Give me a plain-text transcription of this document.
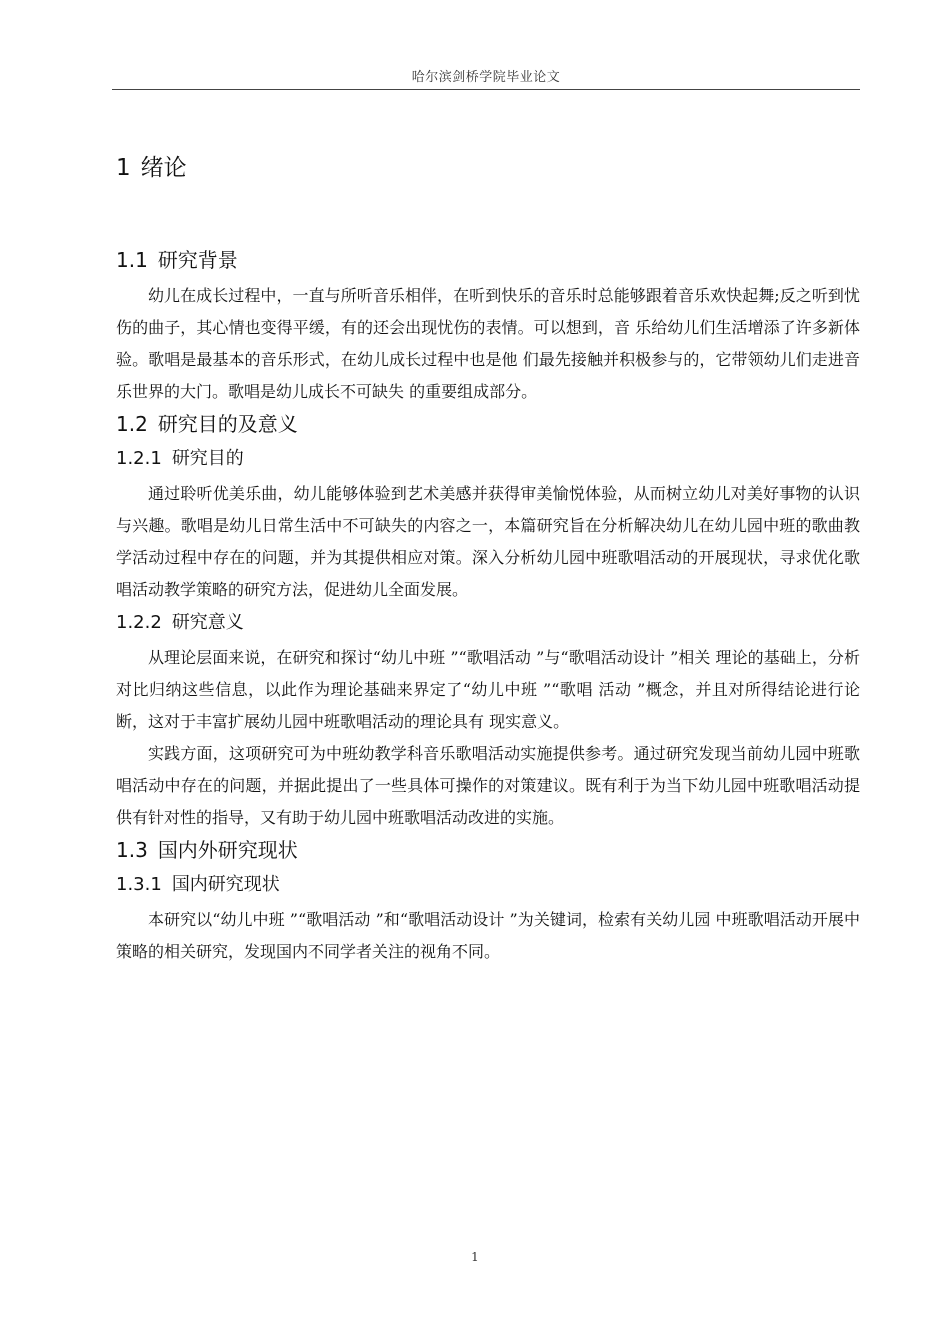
哈尔滨剑桥学院毕业论文
1 绪论
1.1 研究背景

幼儿在成长过程中，一直与所听音乐相伴，在听到快乐的音乐时总能够跟着音乐欢快起舞;反之听到忧伤的曲子，其心情也变得平缓，有的还会出现忧伤的表情。可以想到，音 乐给幼儿们生活增添了许多新体验。歌唱是最基本的音乐形式，在幼儿成长过程中也是他 们最先接触并积极参与的，它带领幼儿们走进音乐世界的大门。歌唱是幼儿成长不可缺失 的重要组成部分。

1.2 研究目的及意义
1.2.1 研究目的

通过聆听优美乐曲，幼儿能够体验到艺术美感并获得审美愉悦体验，从而树立幼儿对美好事物的认识与兴趣。歌唱是幼儿日常生活中不可缺失的内容之一，本篇研究旨在分析解决幼儿在幼儿园中班的歌曲教学活动过程中存在的问题，并为其提供相应对策。深入分析幼儿园中班歌唱活动的开展现状，寻求优化歌唱活动教学策略的研究方法，促进幼儿全面发展。

1.2.2 研究意义

从理论层面来说，在研究和探讨“幼儿中班 ”“歌唱活动 ”与“歌唱活动设计 ”相关 理论的基础上，分析对比归纳这些信息，以此作为理论基础来界定了“幼儿中班 ”“歌唱 活动 ”概念，并且对所得结论进行论断，这对于丰富扩展幼儿园中班歌唱活动的理论具有 现实意义。

实践方面，这项研究可为中班幼教学科音乐歌唱活动实施提供参考。通过研究发现当前幼儿园中班歌唱活动中存在的问题，并据此提出了一些具体可操作的对策建议。既有利于为当下幼儿园中班歌唱活动提供有针对性的指导，又有助于幼儿园中班歌唱活动改进的实施。

1.3 国内外研究现状
1.3.1 国内研究现状

本研究以“幼儿中班 ”“歌唱活动 ”和“歌唱活动设计 ”为关键词，检索有关幼儿园 中班歌唱活动开展中策略的相关研究，发现国内不同学者关注的视角不同。

1
